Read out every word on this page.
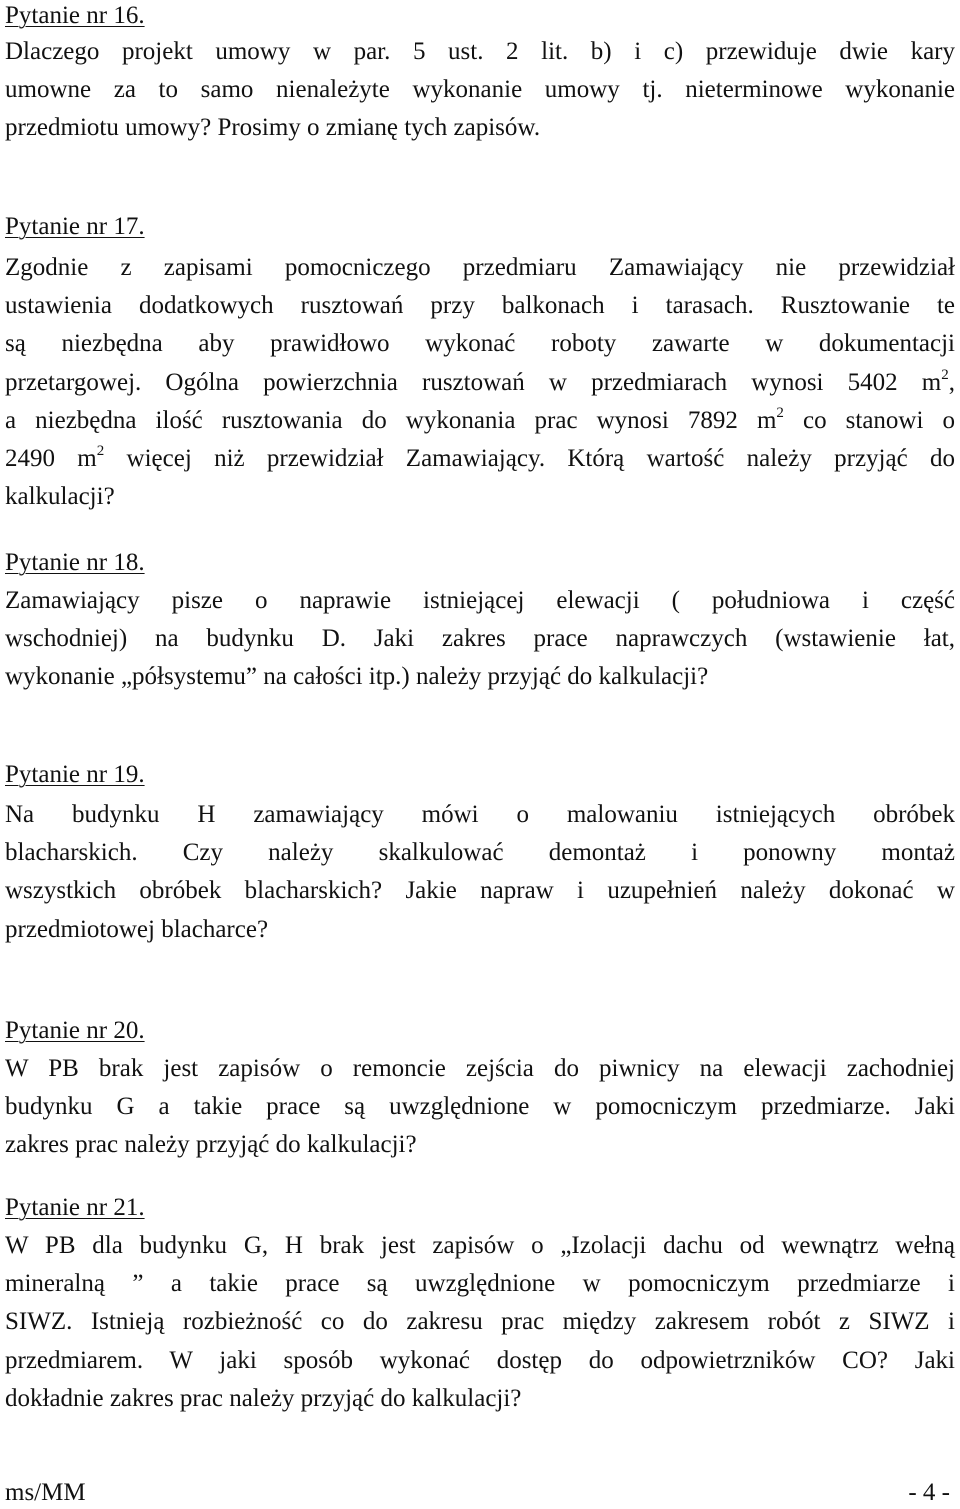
Pytanie nr 16.
Dlaczego projekt umowy w par. 5 ust. 2 lit. b) i c) przewiduje dwie kary
umowne za to samo nienależyte wykonanie umowy tj. nieterminowe wykonanie
przedmiotu umowy? Prosimy o zmianę tych zapisów.
Pytanie nr 17.
Zgodnie z zapisami pomocniczego przedmiaru Zamawiający nie przewidział
ustawienia dodatkowych rusztowań przy balkonach i tarasach. Rusztowanie te
są niezbędna aby prawidłowo wykonać roboty zawarte w dokumentacji
przetargowej. Ogólna powierzchnia rusztowań w przedmiarach wynosi 5402 $m^2$,
a niezbędna ilość rusztowania do wykonania prac wynosi 7892 $m^2$ co stanowi o
2490 $m^2$ więcej niż przewidział Zamawiający. Którą wartość należy przyjąć do
kalkulacji?
Pytanie nr 18.
Zamawiający pisze o naprawie istniejącej elewacji ( południowa i część
wschodniej) na budynku D. Jaki zakres prace naprawczych (wstawienie łat,
wykonanie „półsystemu” na całości itp.) należy przyjąć do kalkulacji?
Pytanie nr 19.
Na budynku H zamawiający mówi o malowaniu istniejących obróbek
blacharskich. Czy należy skalkulować demontaż i ponowny montaż
wszystkich obróbek blacharskich? Jakie napraw i uzupełnień należy dokonać w
przedmiotowej blacharce?
Pytanie nr 20.
W PB brak jest zapisów o remoncie zejścia do piwnicy na elewacji zachodniej
budynku G a takie prace są uwzględnione w pomocniczym przedmiarze. Jaki
zakres prac należy przyjąć do kalkulacji?
Pytanie nr 21.
W PB dla budynku G, H brak jest zapisów o „Izolacji dachu od wewnątrz wełną
mineralną ” a takie prace są uwzględnione w pomocniczym przedmiarze i
SIWZ. Istnieją rozbieżność co do zakresu prac między zakresem robót z SIWZ i
przedmiarem. W jaki sposób wykonać dostęp do odpowietrzników CO? Jaki
dokładnie zakres prac należy przyjąć do kalkulacji?
ms/MM	- 4 -
